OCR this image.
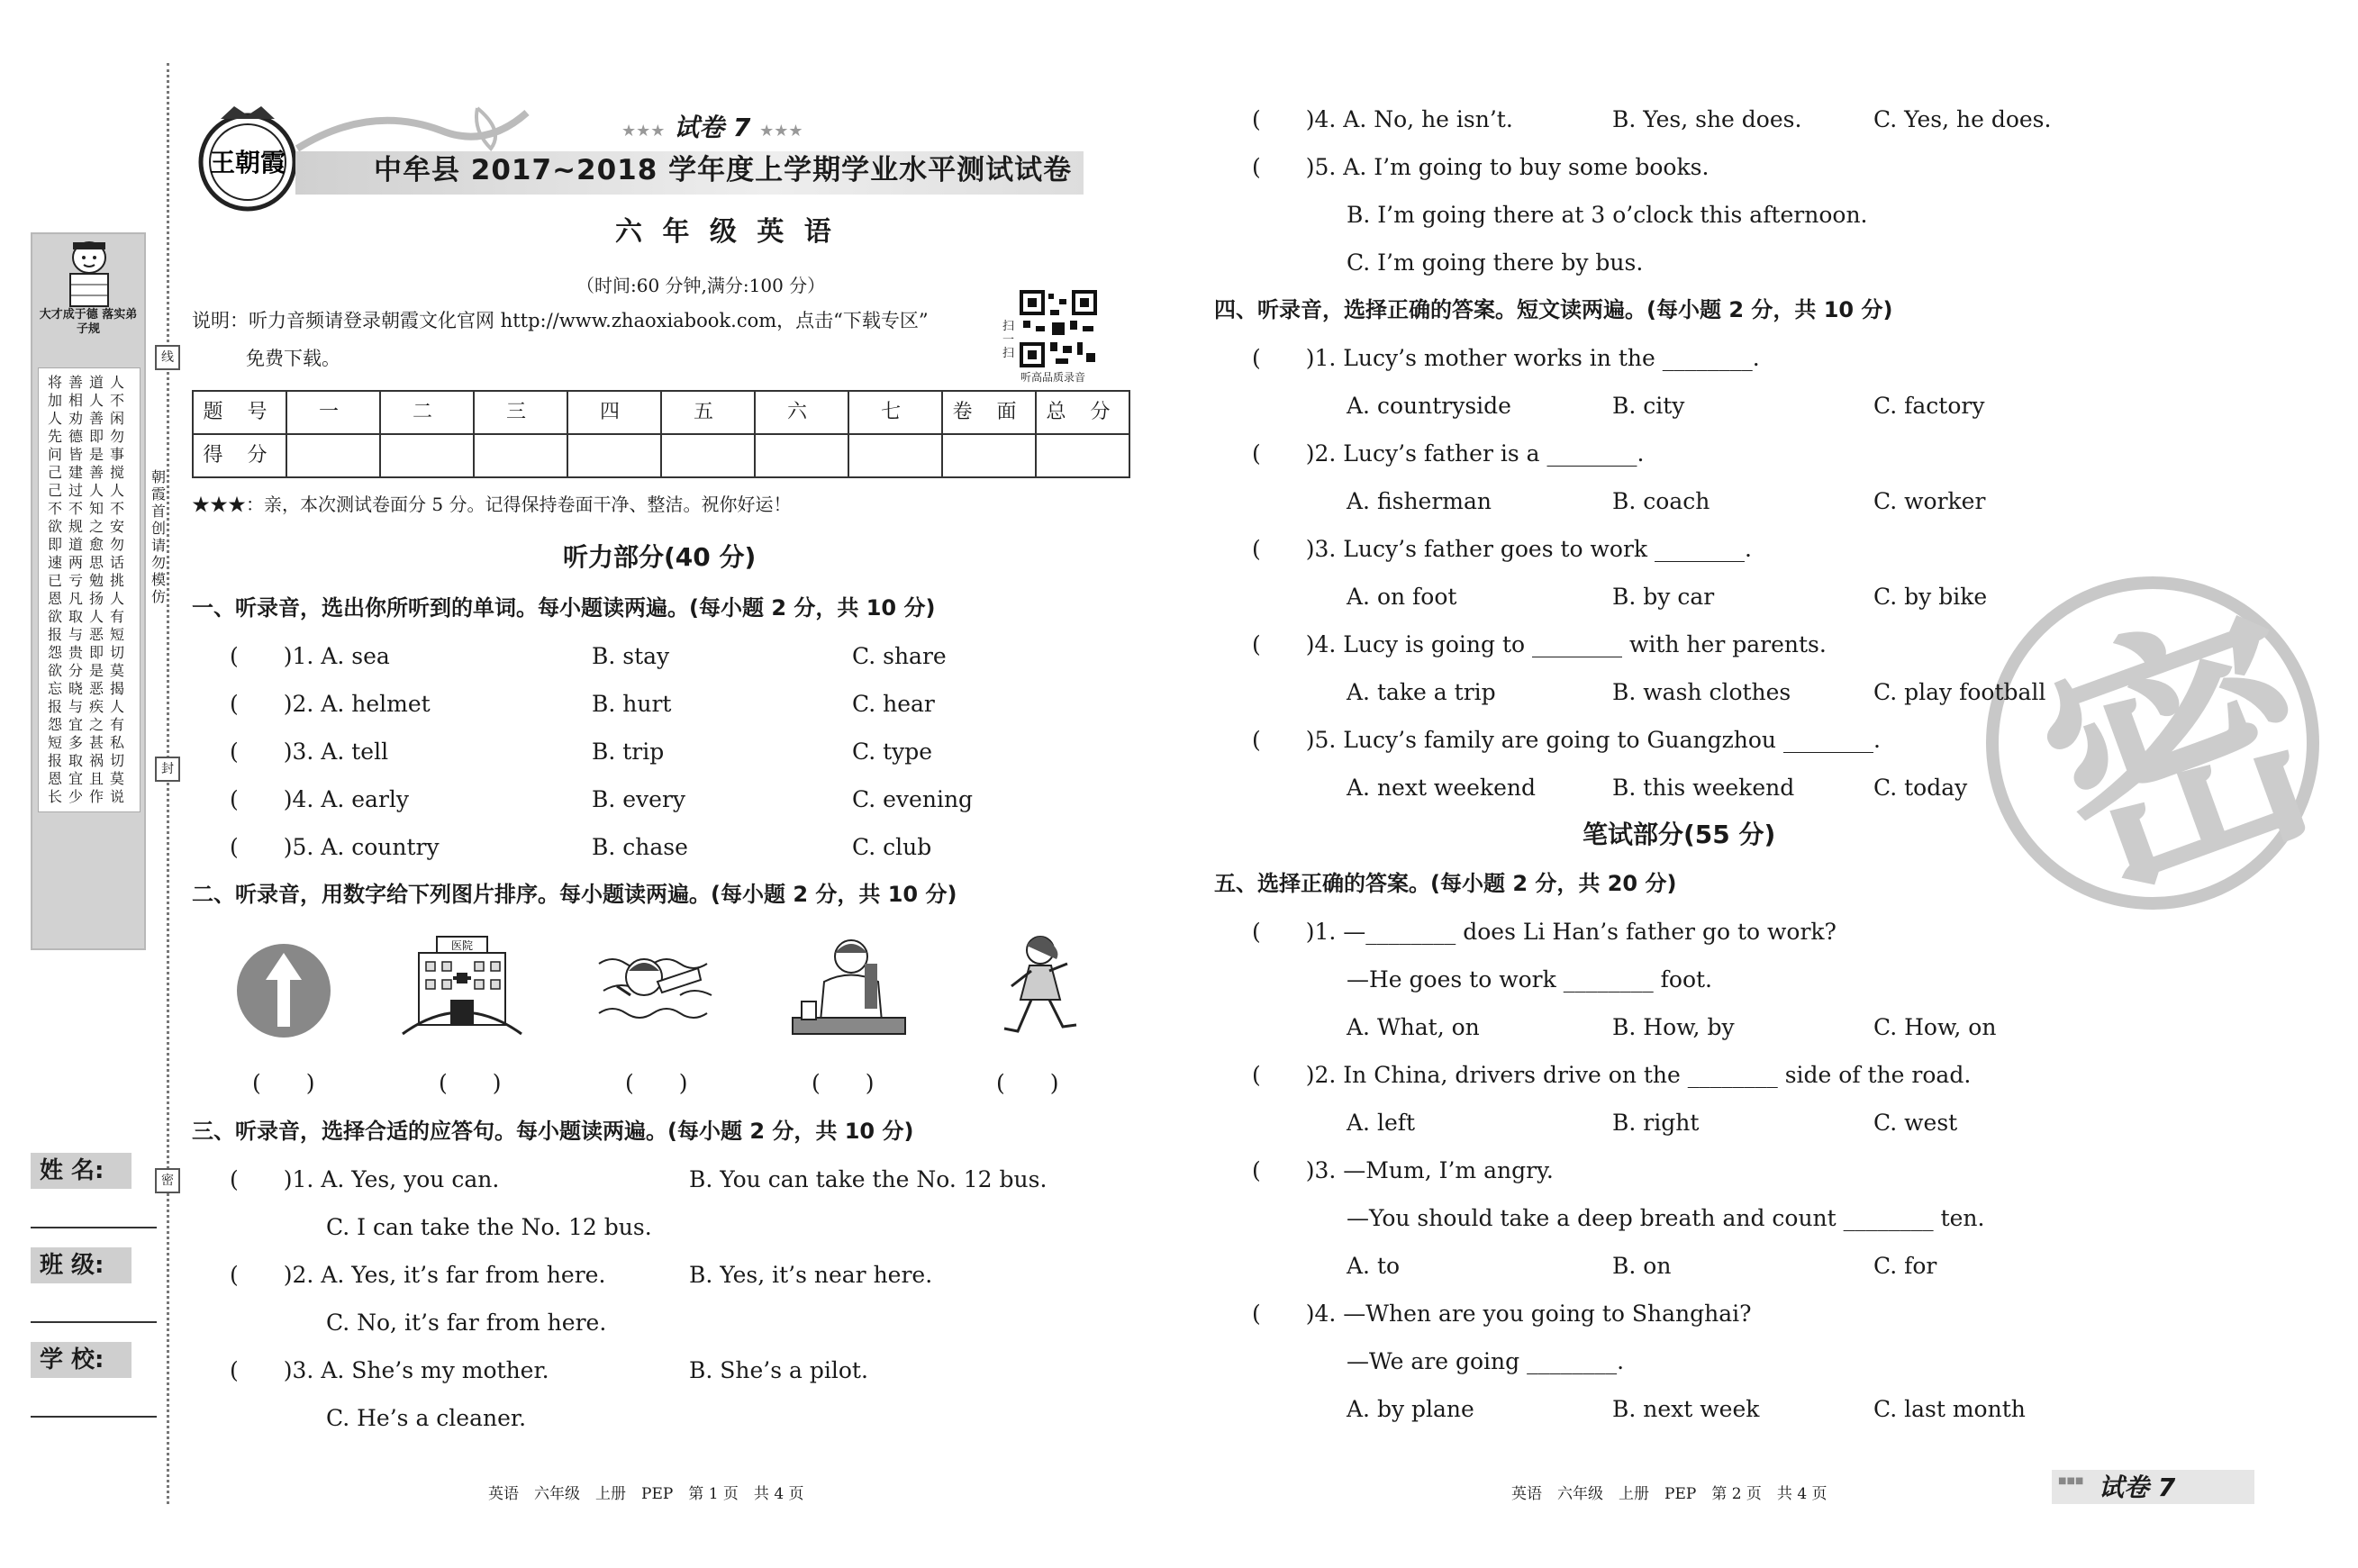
线
封
密
朝霞首创 请勿模仿
大才成于德 落实弟子规
将善道人 加相人不 人劝善闲 先德即勿 问皆是事 己建善搅 己过人人 不不知不 欲规之安 即道愈勿 速两思话 已亏勉挑 恩凡扬人 欲取人有 报与恶短 怨贵即切 欲分是莫 忘晓恶揭 报与疾人 怨宜之有 短多甚私 报取祸切 恩宜且莫 长少作说
姓 名:
班 级:
学 校:
王朝霞
★★★ 试卷 7 ★★★
中牟县 2017~2018 学年度上学期学业水平测试试卷
六 年 级 英 语
（时间:60 分钟,满分:100 分）
说明：听力音频请登录朝霞文化官网 http://www.zhaoxiabook.com，点击“下载专区”
免费下载。
扫一扫
听高品质录音
题 号	一	二	三	四	五	六	七	卷 面	总 分
得 分									
★★★：亲，本次测试卷面分 5 分。记得保持卷面干净、整洁。祝你好运！
听力部分(40 分)
一、听录音，选出你所听到的单词。每小题读两遍。(每小题 2 分，共 10 分)
(　　)1. A. sea	B. stay	C. share
(　　)2. A. helmet	B. hurt	C. hear
(　　)3. A. tell	B. trip	C. type
(　　)4. A. early	B. every	C. evening
(　　)5. A. country	B. chase	C. club
二、听录音，用数字给下列图片排序。每小题读两遍。(每小题 2 分，共 10 分)
医院
(　　)	(　　)	(　　)	(　　)	(　　)
三、听录音，选择合适的应答句。每小题读两遍。(每小题 2 分，共 10 分)
(　　)1. A. Yes, you can.	B. You can take the No. 12 bus.
C. I can take the No. 12 bus.
(　　)2. A. Yes, it’s far from here.	B. Yes, it’s near here.
C. No, it’s far from here.
(　　)3. A. She’s my mother.	B. She’s a pilot.
C. He’s a cleaner.
英语　六年级　上册　PEP　第 1 页　共 4 页
密
(　　)4. A. No, he isn’t.	B. Yes, she does.	C. Yes, he does.
(　　)5. A. I’m going to buy some books.
B. I’m going there at 3 o’clock this afternoon.
C. I’m going there by bus.
四、听录音，选择正确的答案。短文读两遍。(每小题 2 分，共 10 分)
(　　)1. Lucy’s mother works in the ________.
A. countryside	B. city	C. factory
(　　)2. Lucy’s father is a ________.
A. fisherman	B. coach	C. worker
(　　)3. Lucy’s father goes to work ________.
A. on foot	B. by car	C. by bike
(　　)4. Lucy is going to ________ with her parents.
A. take a trip	B. wash clothes	C. play football
(　　)5. Lucy’s family are going to Guangzhou ________.
A. next weekend	B. this weekend	C. today
笔试部分(55 分)
五、选择正确的答案。(每小题 2 分，共 20 分)
(　　)1. —________ does Li Han’s father go to work?
—He goes to work ________ foot.
A. What, on	B. How, by	C. How, on
(　　)2. In China, drivers drive on the ________ side of the road.
A. left	B. right	C. west
(　　)3. —Mum, I’m angry.
—You should take a deep breath and count ________ ten.
A. to	B. on	C. for
(　　)4. —When are you going to Shanghai?
—We are going ________.
A. by plane	B. next week	C. last month
英语　六年级　上册　PEP　第 2 页　共 4 页
■■■ 试卷 7
